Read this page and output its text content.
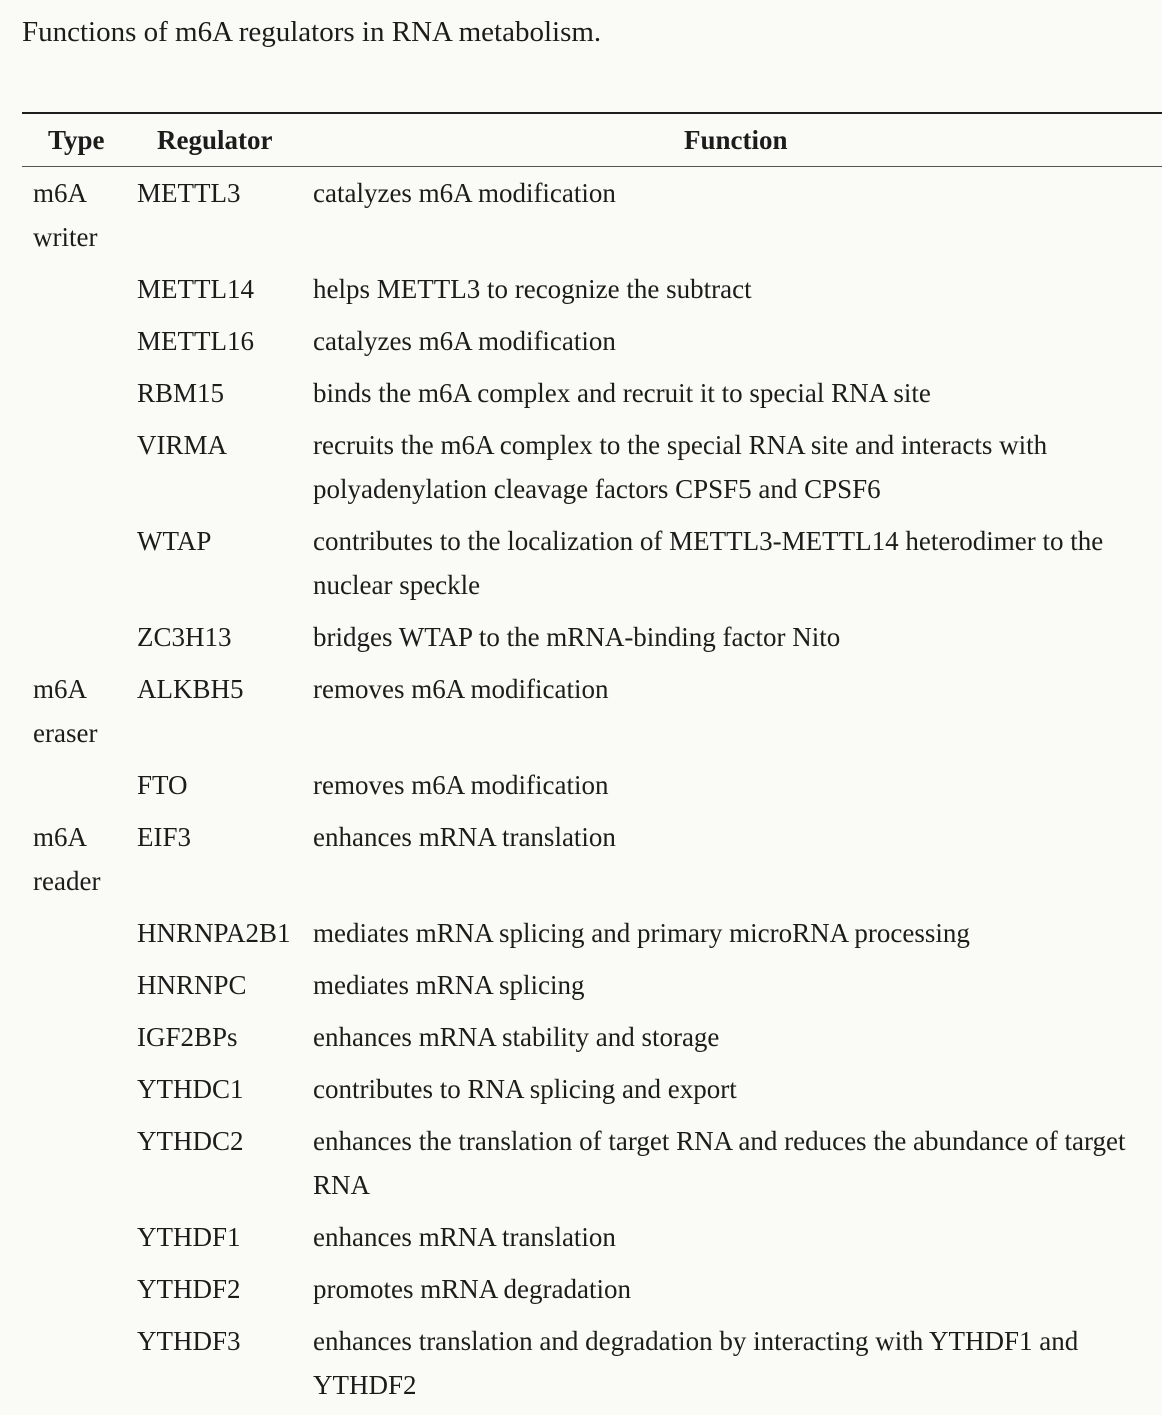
Functions of m6A regulators in RNA metabolism.
Type Regulator	Function
m6A
writer
METTL3	catalyzes m6A modification
METTL14	helps METTL3 to recognize the subtract
METTL16	catalyzes m6A modification
RBM15	binds the m6A complex and recruit it to special RNA site
VIRMA	recruits the m6A complex to the special RNA site and interacts with polyadenylation cleavage factors CPSF5 and CPSF6
WTAP	contributes to the localization of METTL3-METTL14 heterodimer to the nuclear speckle
ZC3H13	bridges WTAP to the mRNA-binding factor Nito
m6A
eraser
ALKBH5	removes m6A modification
FTO	removes m6A modification
m6A
reader
EIF3	enhances mRNA translation
HNRNPA2B1 mediates mRNA splicing and primary microRNA processing
HNRNPC	mediates mRNA splicing
IGF2BPs	enhances mRNA stability and storage
YTHDC1	contributes to RNA splicing and export
YTHDC2	enhances the translation of target RNA and reduces the abundance of target RNA
YTHDF1	enhances mRNA translation
YTHDF2	promotes mRNA degradation
YTHDF3	enhances translation and degradation by interacting with YTHDF1 and YTHDF2
